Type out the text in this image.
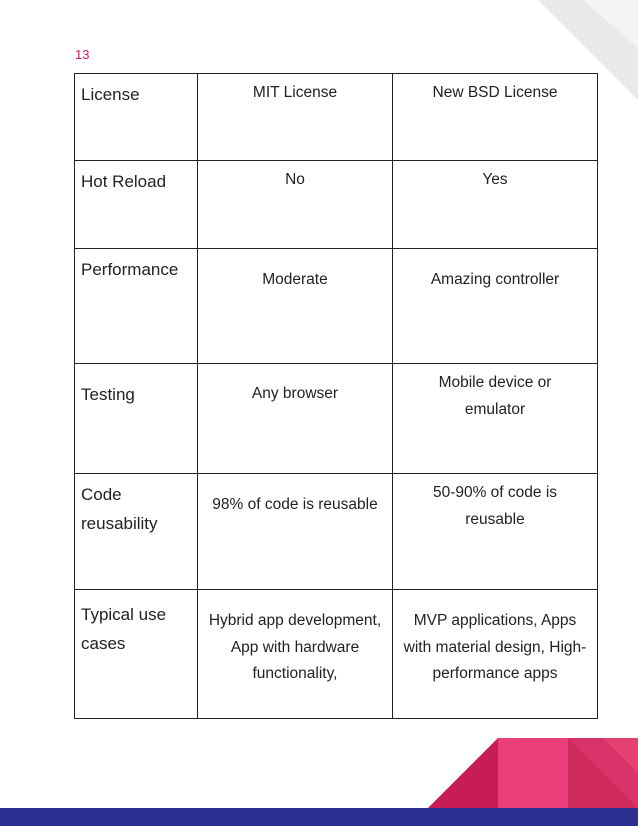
13
License	MIT License	New BSD License
Hot Reload	No	Yes
Performance	Moderate	Amazing controller
Testing	Any browser	Mobile device or emulator
Code reusability	98% of code is reusable	50-90% of code is reusable
Typical use cases	Hybrid app development, App with hardware functionality,	MVP applications, Apps with material design, High-performance apps
